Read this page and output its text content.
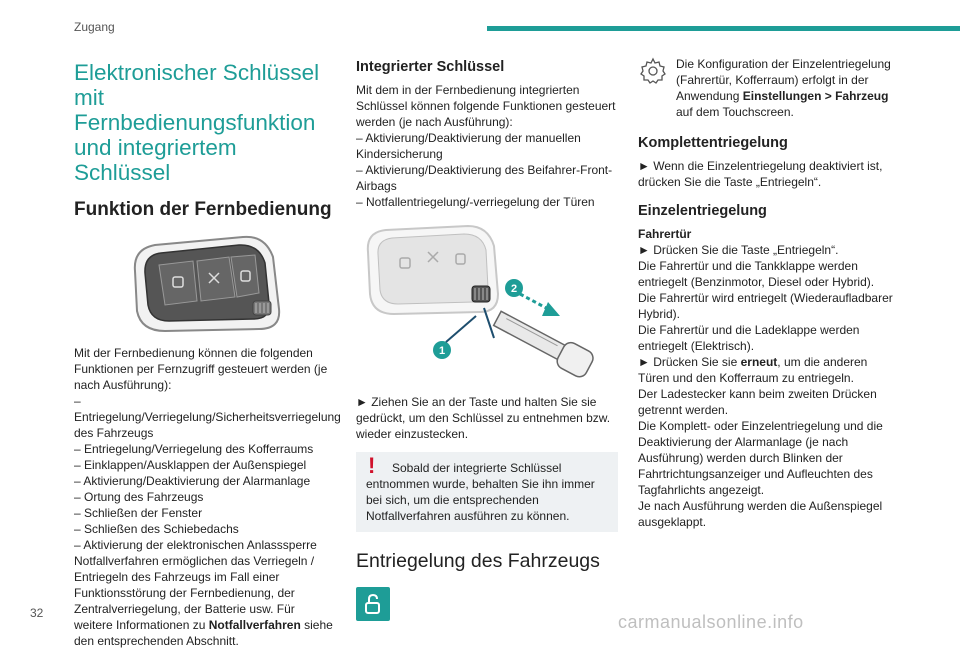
Zugang
Elektronischer Schlüssel mit Fernbedienungsfunktion und integriertem Schlüssel
Funktion der Fernbedienung

Mit der Fernbedienung können die folgenden Funktionen per Fernzugriff gesteuert werden (je nach Ausführung):

– Entriegelung/Verriegelung/Sicherheitsverriegelung des Fahrzeugs
– Entriegelung/Verriegelung des Kofferraums
– Einklappen/Ausklappen der Außenspiegel
– Aktivierung/Deaktivierung der Alarmanlage
– Ortung des Fahrzeugs
– Schließen der Fenster
– Schließen des Schiebedachs
– Aktivierung der elektronischen Anlasssperre

Notfallverfahren ermöglichen das Verriegeln / Entriegeln des Fahrzeugs im Fall einer Funktionsstörung der Fernbedienung, der Zentralverriegelung, der Batterie usw. Für weitere Informationen zu Notfallverfahren siehe den entsprechenden Abschnitt.

Integrierter Schlüssel

Mit dem in der Fernbedienung integrierten Schlüssel können folgende Funktionen gesteuert werden (je nach Ausführung):

– Aktivierung/Deaktivierung der manuellen Kindersicherung
– Aktivierung/Deaktivierung des Beifahrer-Front-Airbags
– Notfallentriegelung/-verriegelung der Türen
2
1

► Ziehen Sie an der Taste und halten Sie sie gedrückt, um den Schlüssel zu entnehmen bzw. wieder einzustecken.

!	Sobald der integrierte Schlüssel entnommen wurde, behalten Sie ihn immer bei sich, um die entsprechenden Notfallverfahren ausführen zu können.

Entriegelung des Fahrzeugs

Die Konfiguration der Einzelentriegelung (Fahrertür, Kofferraum) erfolgt in der Anwendung Einstellungen > Fahrzeug auf dem Touchscreen.

Komplettentriegelung

► Wenn die Einzelentriegelung deaktiviert ist, drücken Sie die Taste „Entriegeln“.

Einzelentriegelung
Fahrertür

► Drücken Sie die Taste „Entriegeln“.

Die Fahrertür und die Tankklappe werden entriegelt (Benzinmotor, Diesel oder Hybrid).

Die Fahrertür wird entriegelt (Wiederaufladbarer Hybrid).

Die Fahrertür und die Ladeklappe werden entriegelt (Elektrisch).

► Drücken Sie sie erneut, um die anderen Türen und den Kofferraum zu entriegeln.

Der Ladestecker kann beim zweiten Drücken getrennt werden.

Die Komplett- oder Einzelentriegelung und die Deaktivierung der Alarmanlage (je nach Ausführung) werden durch Blinken der Fahrtrichtungsanzeiger und Aufleuchten des Tagfahrlichts angezeigt.

Je nach Ausführung werden die Außenspiegel ausgeklappt.

32	carmanualsonline.info
